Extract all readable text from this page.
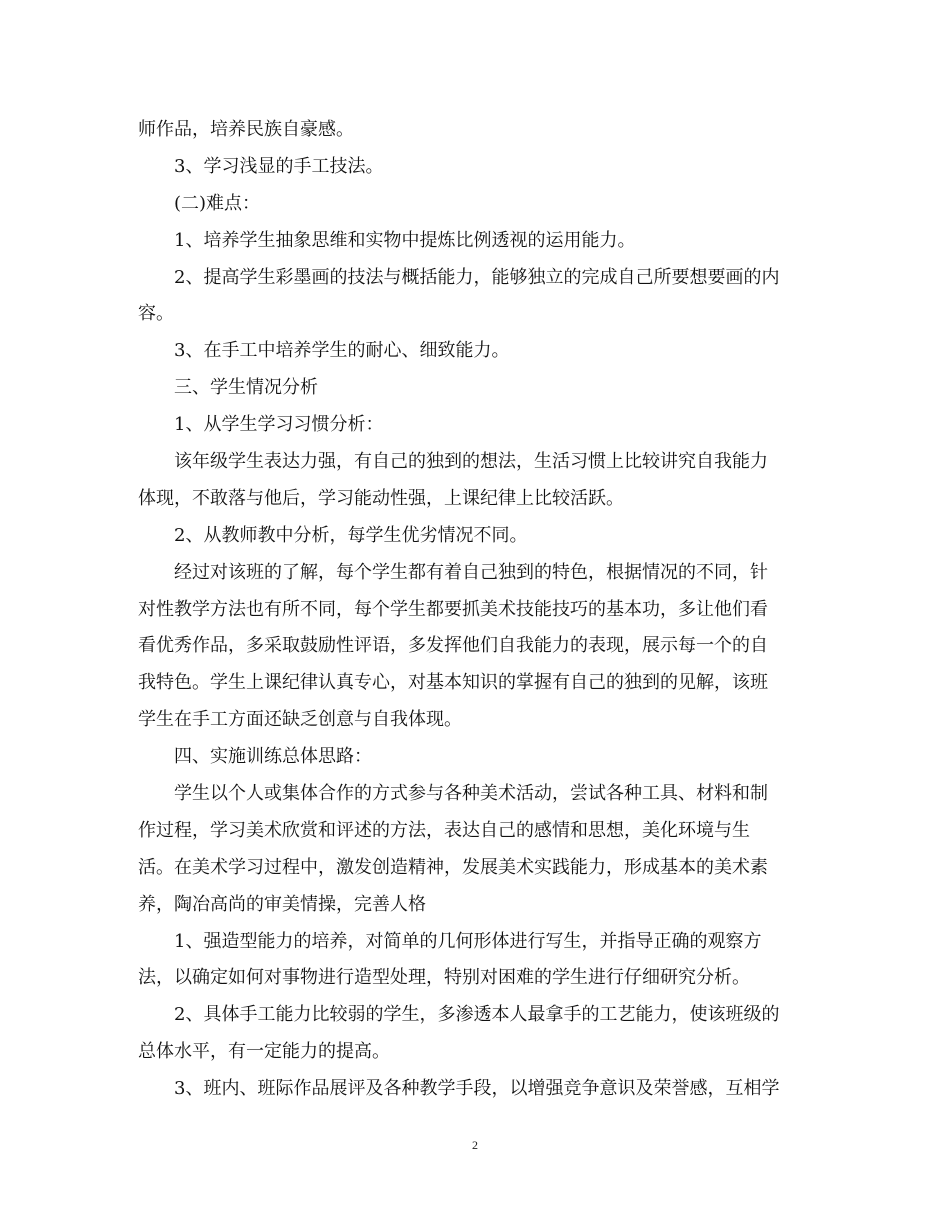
师作品，培养民族自豪感。
3、学习浅显的手工技法。
(二)难点：
1、培养学生抽象思维和实物中提炼比例透视的运用能力。
2、提高学生彩墨画的技法与概括能力，能够独立的完成自己所要想要画的内
容。
3、在手工中培养学生的耐心、细致能力。
三、学生情况分析
1、从学生学习习惯分析：
该年级学生表达力强，有自己的独到的想法，生活习惯上比较讲究自我能力
体现，不敢落与他后，学习能动性强，上课纪律上比较活跃。
2、从教师教中分析，每学生优劣情况不同。
经过对该班的了解，每个学生都有着自己独到的特色，根据情况的不同，针
对性教学方法也有所不同，每个学生都要抓美术技能技巧的基本功，多让他们看
看优秀作品，多采取鼓励性评语，多发挥他们自我能力的表现，展示每一个的自
我特色。学生上课纪律认真专心，对基本知识的掌握有自己的独到的见解，该班
学生在手工方面还缺乏创意与自我体现。
四、实施训练总体思路：
学生以个人或集体合作的方式参与各种美术活动，尝试各种工具、材料和制
作过程，学习美术欣赏和评述的方法，表达自己的感情和思想，美化环境与生
活。在美术学习过程中，激发创造精神，发展美术实践能力，形成基本的美术素
养，陶冶高尚的审美情操，完善人格
1、强造型能力的培养，对简单的几何形体进行写生，并指导正确的观察方
法，以确定如何对事物进行造型处理，特别对困难的学生进行仔细研究分析。
2、具体手工能力比较弱的学生，多渗透本人最拿手的工艺能力，使该班级的
总体水平，有一定能力的提高。
3、班内、班际作品展评及各种教学手段，以增强竞争意识及荣誉感，互相学
2
